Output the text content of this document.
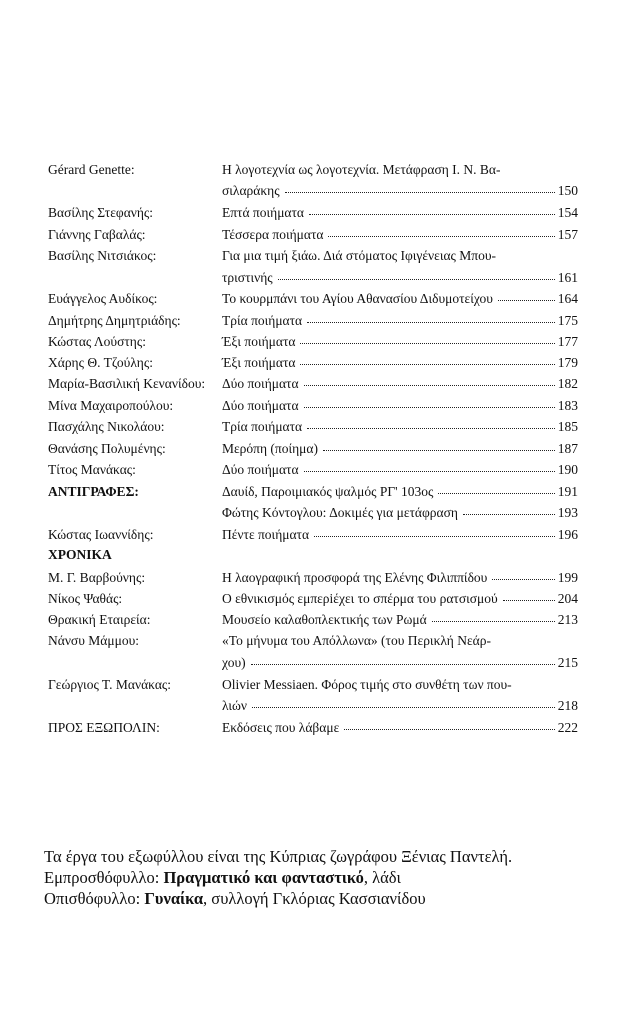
Gérard Genette:	Η λογοτεχνία ως λογοτεχνία. Μετάφραση Ι. Ν. Βα-
σιλαράκης	150
Βασίλης Στεφανής:	Επτά ποιήματα	154
Γιάννης Γαβαλάς:	Τέσσερα ποιήματα	157
Βασίλης Νιτσιάκος:	Για μια τιμή ξιάω. Διά στόματος Ιφιγένειας Μπου-
τριστινής	161
Ευάγγελος Αυδίκος:	Το κουρμπάνι του Αγίου Αθανασίου Διδυμοτείχου	164
Δημήτρης Δημητριάδης:	Τρία ποιήματα	175
Κώστας Λούστης:	Έξι ποιήματα	177
Χάρης Θ. Τζούλης:	Έξι ποιήματα	179
Μαρία-Βασιλική Κενανίδου: Δύο ποιήματα	182
Μίνα Μαχαιροπούλου:	Δύο ποιήματα	183
Πασχάλης Νικολάου:	Τρία ποιήματα	185
Θανάσης Πολυμένης:	Μερόπη (ποίημα)	187
Τίτος Μανάκας:	Δύο ποιήματα	190
ΑΝΤΙΓΡΑΦΕΣ:	Δαυίδ, Παροιμιακός ψαλμός ΡΓ' 103ος	191
Φώτης Κόντογλου: Δοκιμές για μετάφραση	193
Κώστας Ιωαννίδης:	Πέντε ποιήματα	196
ΧΡΟΝΙΚΑ
Μ. Γ. Βαρβούνης:	Η λαογραφική προσφορά της Ελένης Φιλιππίδου	199
Νίκος Ψαθάς:	Ο εθνικισμός εμπερiέχει το σπέρμα του ρατσισμού	204
Θρακική Εταιρεία:	Μουσείο καλαθοπλεκτικής των Ρωμά	213
Νάνσυ Μάμμου:	«Το μήνυμα του Απόλλωνα» (του Περικλή Νεάρ-
χου)	215
Γεώργιος Τ. Μανάκας:	Olivier Messiaen. Φόρος τιμής στο συνθέτη των που-
λιών	218
ΠΡΟΣ ΕΞΩΠΟΛΙΝ:	Εκδόσεις που λάβαμε	222
Τα έργα του εξωφύλλου είναι της Κύπριας ζωγράφου Ξένιας Παντελή.
Εμπροσθόφυλλο: Πραγματικό και φανταστικό, λάδι
Οπισθόφυλλο: Γυναίκα, συλλογή Γκλόριας Κασσιανίδου
